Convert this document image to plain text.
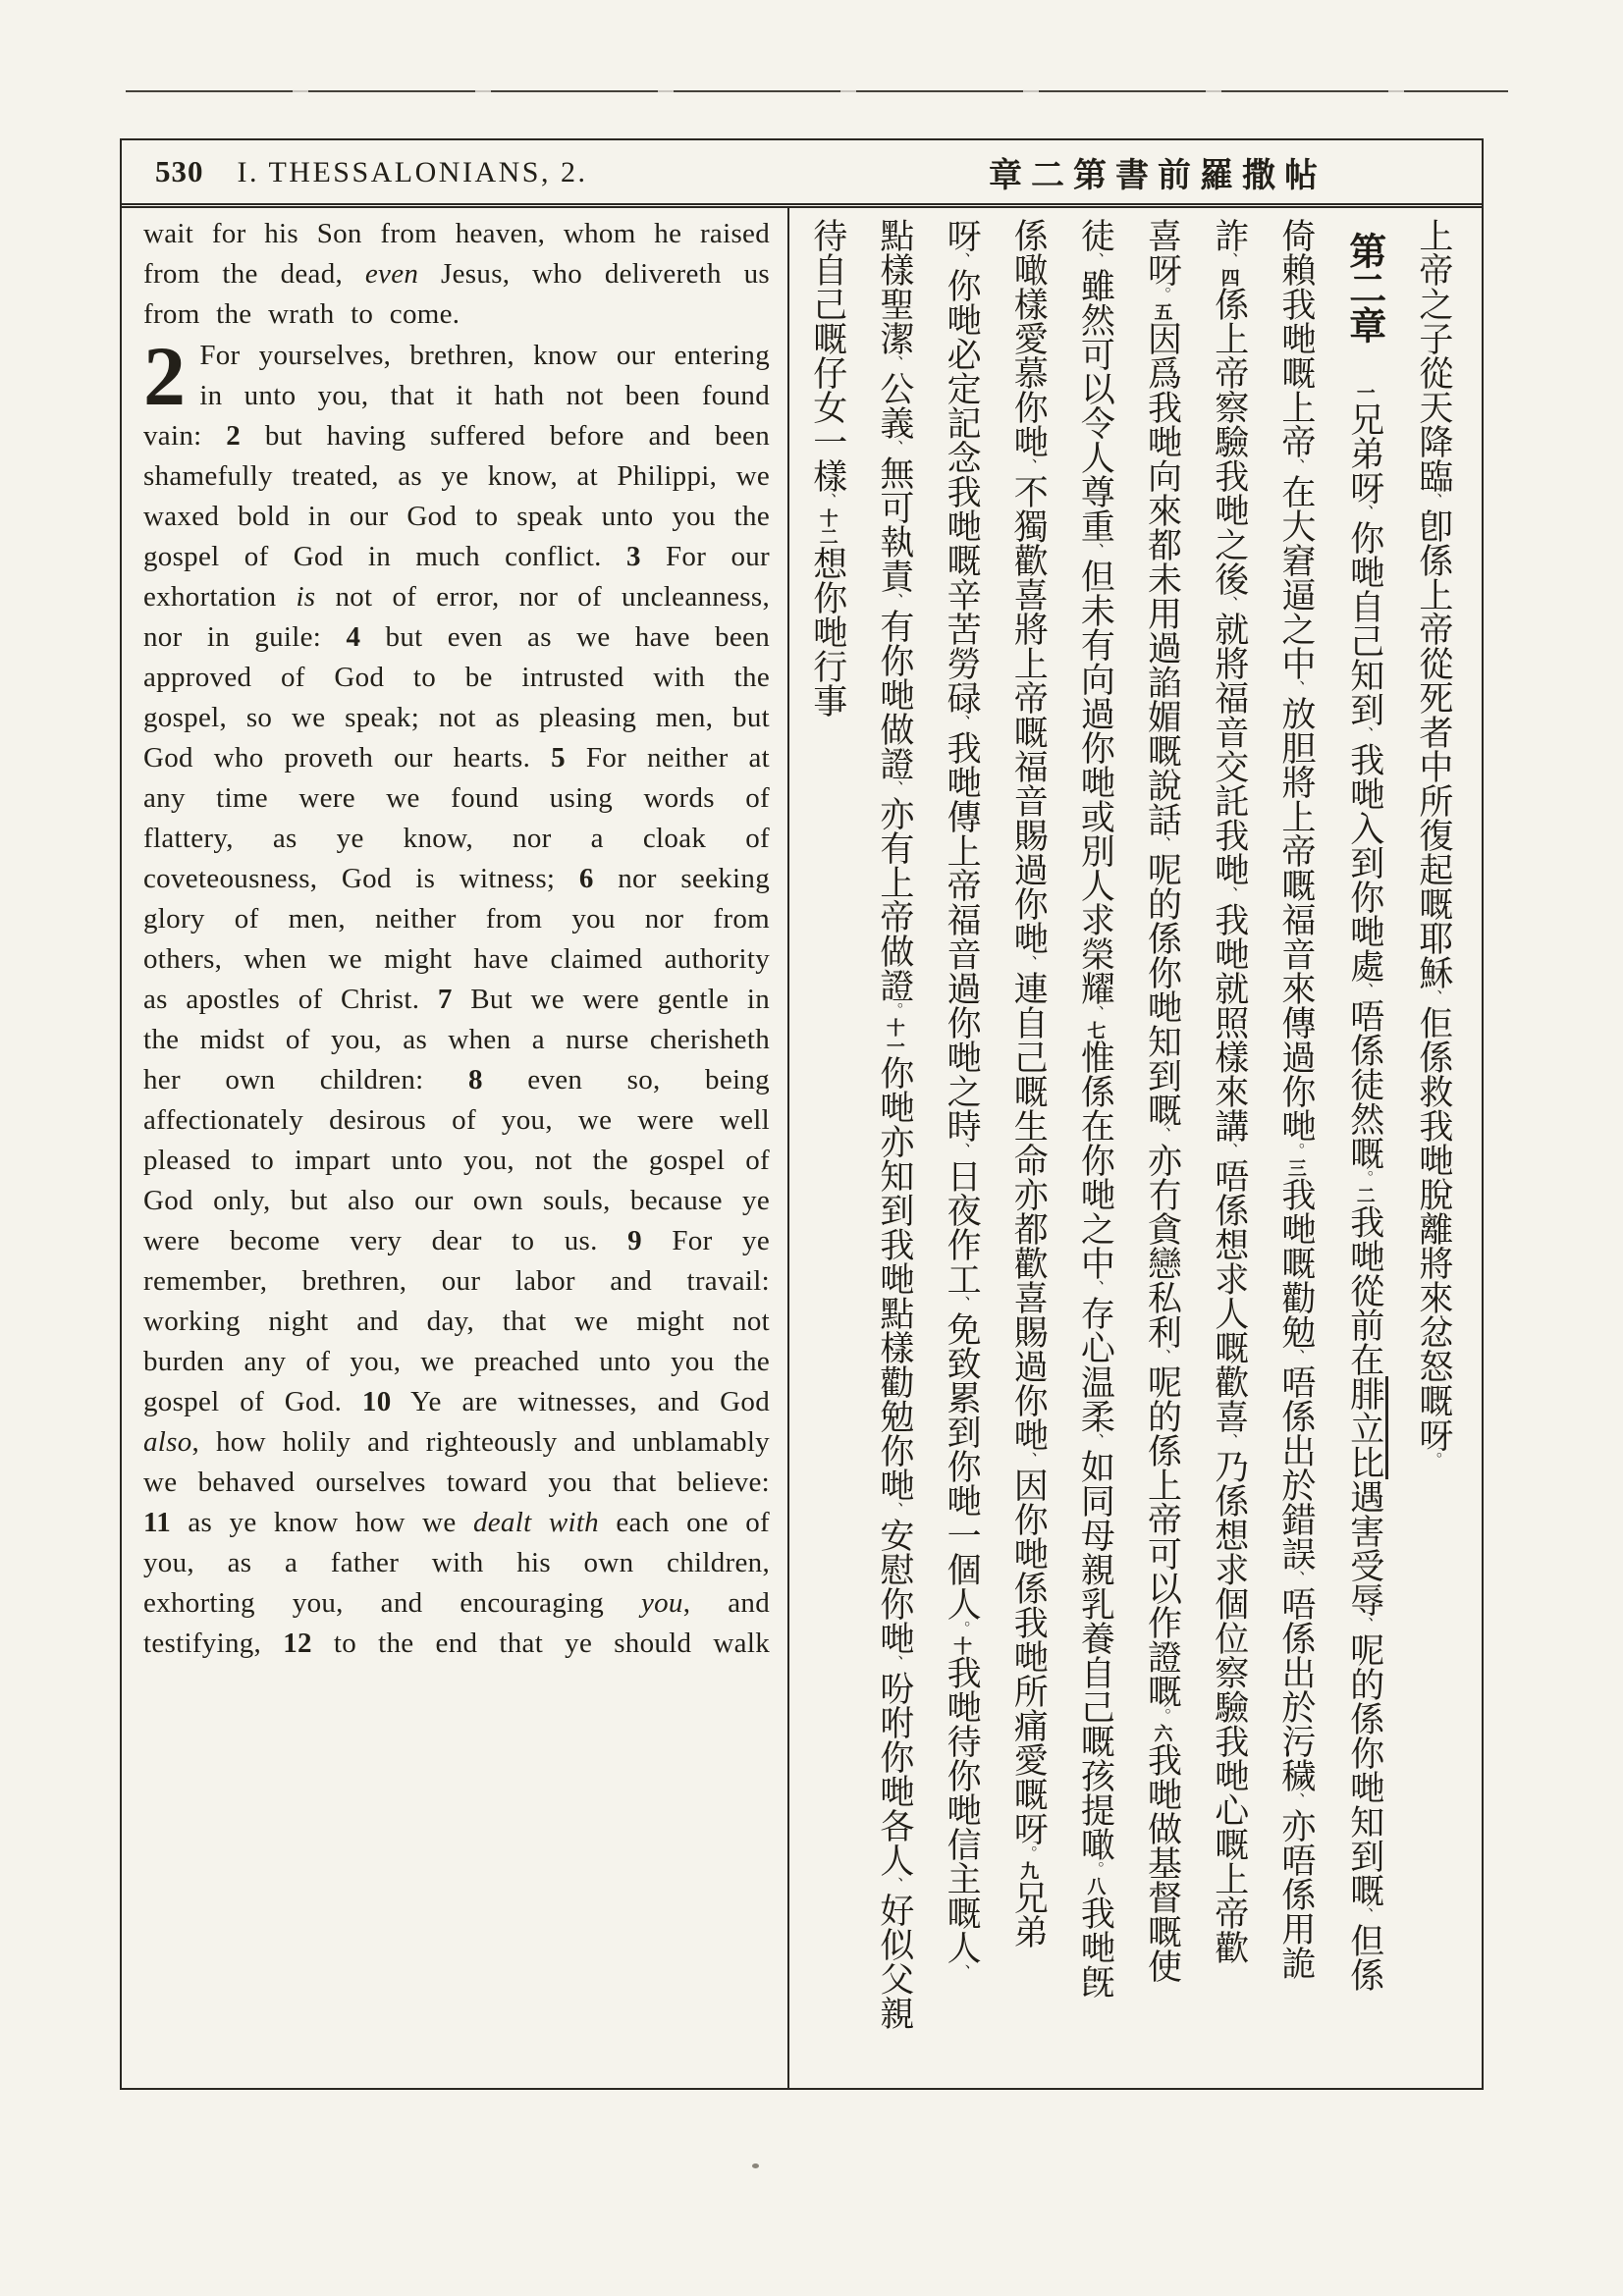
530 I. THESSALONIANS, 2.	章二第書前羅撒帖
wait for his Son from heaven, whom he raised from the dead, even Jesus, who delivereth us from the wrath to come.
2 For yourselves, brethren, know our entering in unto you, that it hath not been found vain: 2 but having suffered before and been shamefully treated, as ye know, at Philippi, we waxed bold in our God to speak unto you the gospel of God in much conflict. 3 For our exhortation is not of error, nor of uncleanness, nor in guile: 4 but even as we have been approved of God to be intrusted with the gospel, so we speak; not as pleasing men, but God who proveth our hearts. 5 For neither at any time were we found using words of flattery, as ye know, nor a cloak of coveteousness, God is witness; 6 nor seeking glory of men, neither from you nor from others, when we might have claimed authority as apostles of Christ. 7 But we were gentle in the midst of you, as when a nurse cherisheth her own children: 8 even so, being affectionately desirous of you, we were well pleased to impart unto you, not the gospel of God only, but also our own souls, because ye were become very dear to us. 9 For ye remember, brethren, our labor and travail: working night and day, that we might not burden any of you, we preached unto you the gospel of God. 10 Ye are witnesses, and God also, how holily and righteously and unblamably we behaved ourselves toward you that believe: 11 as ye know how we dealt with each one of you, as a father with his own children, exhorting you, and encouraging you, and testifying, 12 to the end that ye should walk
上帝之子從天降臨、卽係上帝從死者中所復起嘅耶穌、佢係救我哋脫離將來忿怒嘅呀。
第二章一兄弟呀、你哋自己知到、我哋入到你哋處、唔係徒然嘅。二我哋從前在腓立比遇害受辱、呢的係你哋知到嘅、但係
倚賴我哋嘅上帝、在大窘逼之中、放胆將上帝嘅福音來傳過你哋。三我哋嘅勸勉、唔係出於錯誤、唔係出於污穢、亦唔係用詭
詐、四係上帝察驗我哋之後、就將福音交託我哋、我哋就照樣來講、唔係想求人嘅歡喜、乃係想求個位察驗我哋心嘅上帝歡
喜呀。五因爲我哋向來都未用過諂媚嘅說話、呢的係你哋知到嘅、亦冇貪戀私利、呢的係上帝可以作證嘅。六我哋做基督嘅使
徒、雖然可以令人尊重、但未有向過你哋或別人求榮耀、七惟係在你哋之中、存心温柔、如同母親乳養自己嘅孩提噉。八我哋旣
係噉樣愛慕你哋、不獨歡喜將上帝嘅福音賜過你哋、連自己嘅生命亦都歡喜賜過你哋、因你哋係我哋所痛愛嘅呀。九兄弟
呀、你哋必定記念我哋嘅辛苦勞碌、我哋傳上帝福音過你哋之時、日夜作工、免致累到你哋一個人。十我哋待你哋信主嘅人、
點樣聖潔、公義、無可執責、有你哋做證、亦有上帝做證。十一你哋亦知到我哋點樣勸勉你哋、安慰你哋、吩咐你哋各人、好似父親
待自己嘅仔女一樣、十二想你哋行事
